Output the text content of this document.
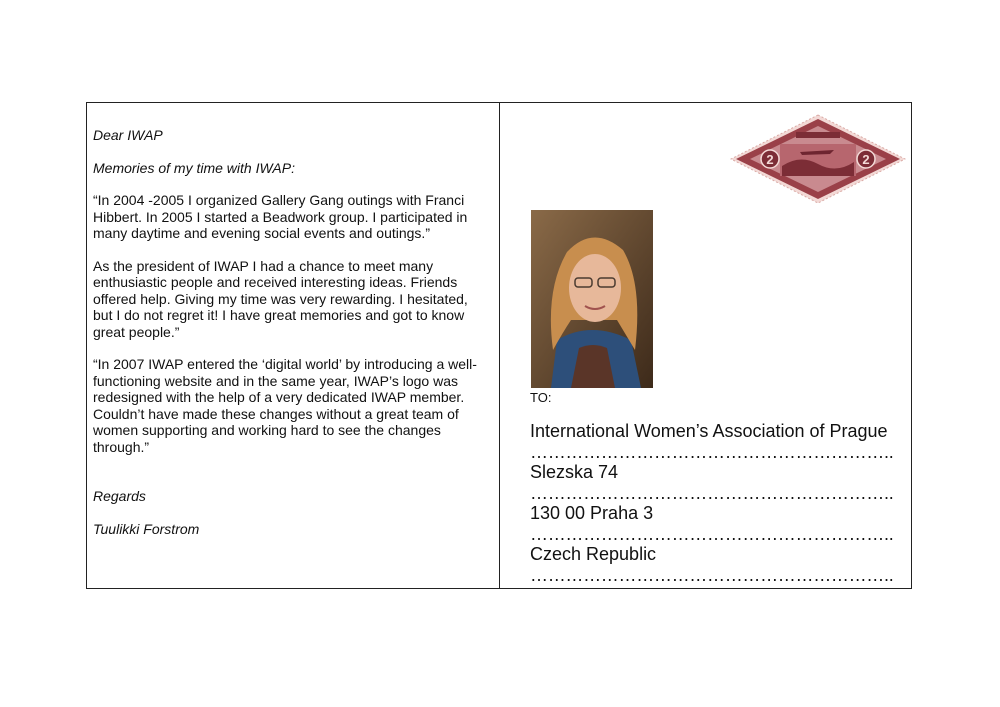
Dear IWAP

Memories of my time with IWAP:

“In 2004 -2005 I organized Gallery Gang outings with Franci Hibbert. In 2005 I started a Beadwork group. I participated in many daytime and evening social events and outings.”

As the president of IWAP I had a chance to meet many enthusiastic people and received interesting ideas. Friends offered help. Giving my time was very rewarding. I hesitated, but I do not regret it! I have great memories and got to know great people.”

“In 2007 IWAP entered the ‘digital world’ by introducing a well-functioning website and in the same year, IWAP’s logo was redesigned with the help of a very dedicated IWAP member. Couldn’t have made these changes without a great team of women supporting and working hard to see the changes through.”

Regards

Tuulikki Forstrom

2	2
TO:
International Women’s Association of Prague
……………………………………………………..
Slezska 74
……………………………………………………..
130 00 Praha 3
……………………………………………………..
Czech Republic
……………………………………………………..
